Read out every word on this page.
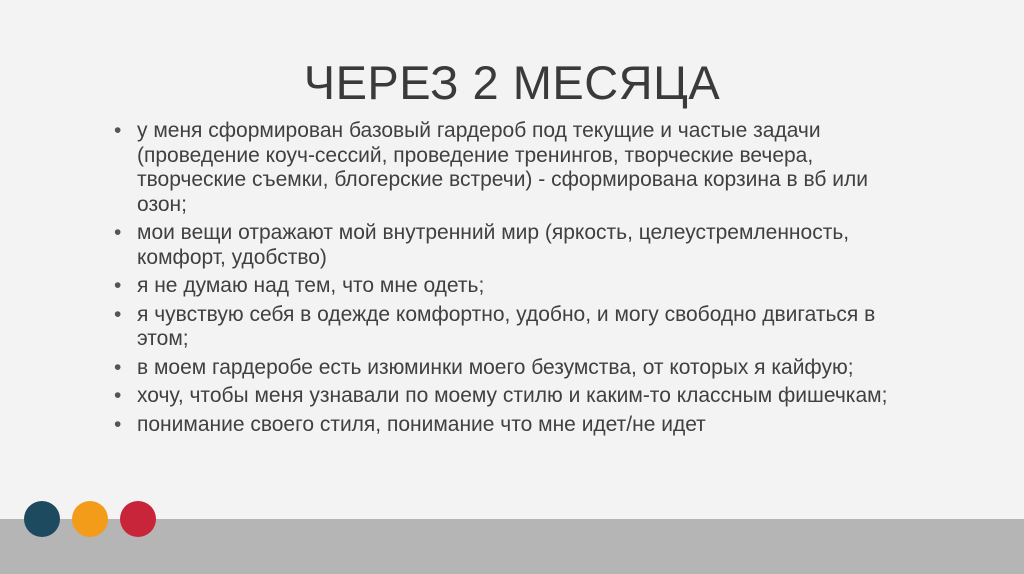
ЧЕРЕЗ 2 МЕСЯЦА
• у меня сформирован базовый гардероб под текущие и частые задачи (проведение коуч-сессий, проведение тренингов, творческие вечера, творческие съемки, блогерские встречи) - сформирована корзина в вб или озон;
• мои вещи отражают мой внутренний мир (яркость, целеустремленность, комфорт, удобство)
• я не думаю над тем, что мне одеть;
• я чувствую себя в одежде комфортно, удобно, и могу свободно двигаться в этом;
• в моем гардеробе есть изюминки моего безумства, от которых я кайфую;
• хочу, чтобы меня узнавали по моему стилю и каким-то классным фишечкам;
• понимание своего стиля, понимание что мне идет/не идет
